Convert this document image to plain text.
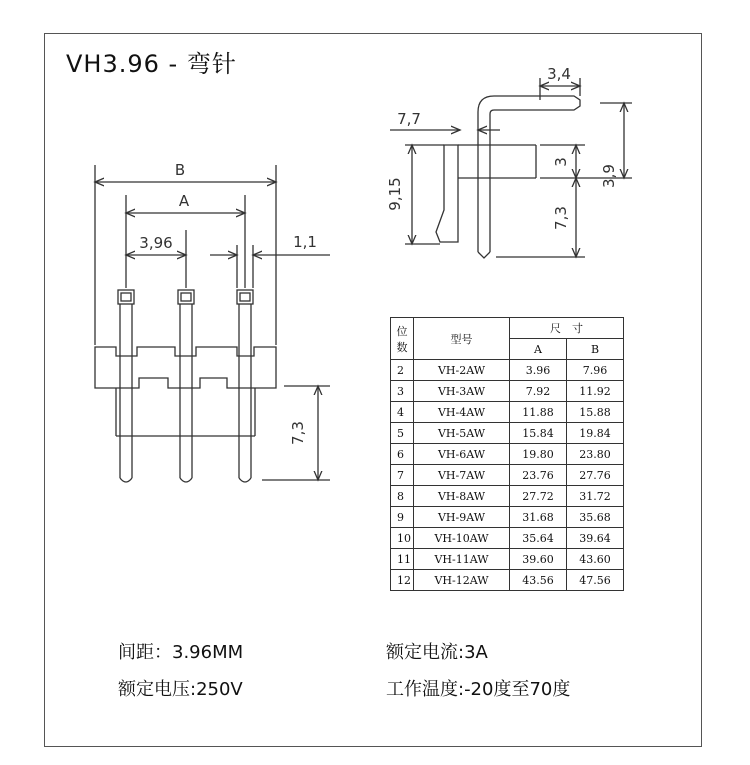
VH3.96 - 弯针
B
A
3,96	1,1
7,3
3,4
7,7
9,15
3
7,3
3,9
位
数	型号	尺　寸	
		A	B
2	VH-2AW	3.96	7.96
3	VH-3AW	7.92	11.92
4	VH-4AW	11.88	15.88
5	VH-5AW	15.84	19.84
6	VH-6AW	19.80	23.80
7	VH-7AW	23.76	27.76
8	VH-8AW	27.72	31.72
9	VH-9AW	31.68	35.68
10	VH-10AW	35.64	39.64
11	VH-11AW	39.60	43.60
12	VH-12AW	43.56	47.56
间距：3.96MM	额定电流:3A
额定电压:250V	工作温度:-20度至70度
